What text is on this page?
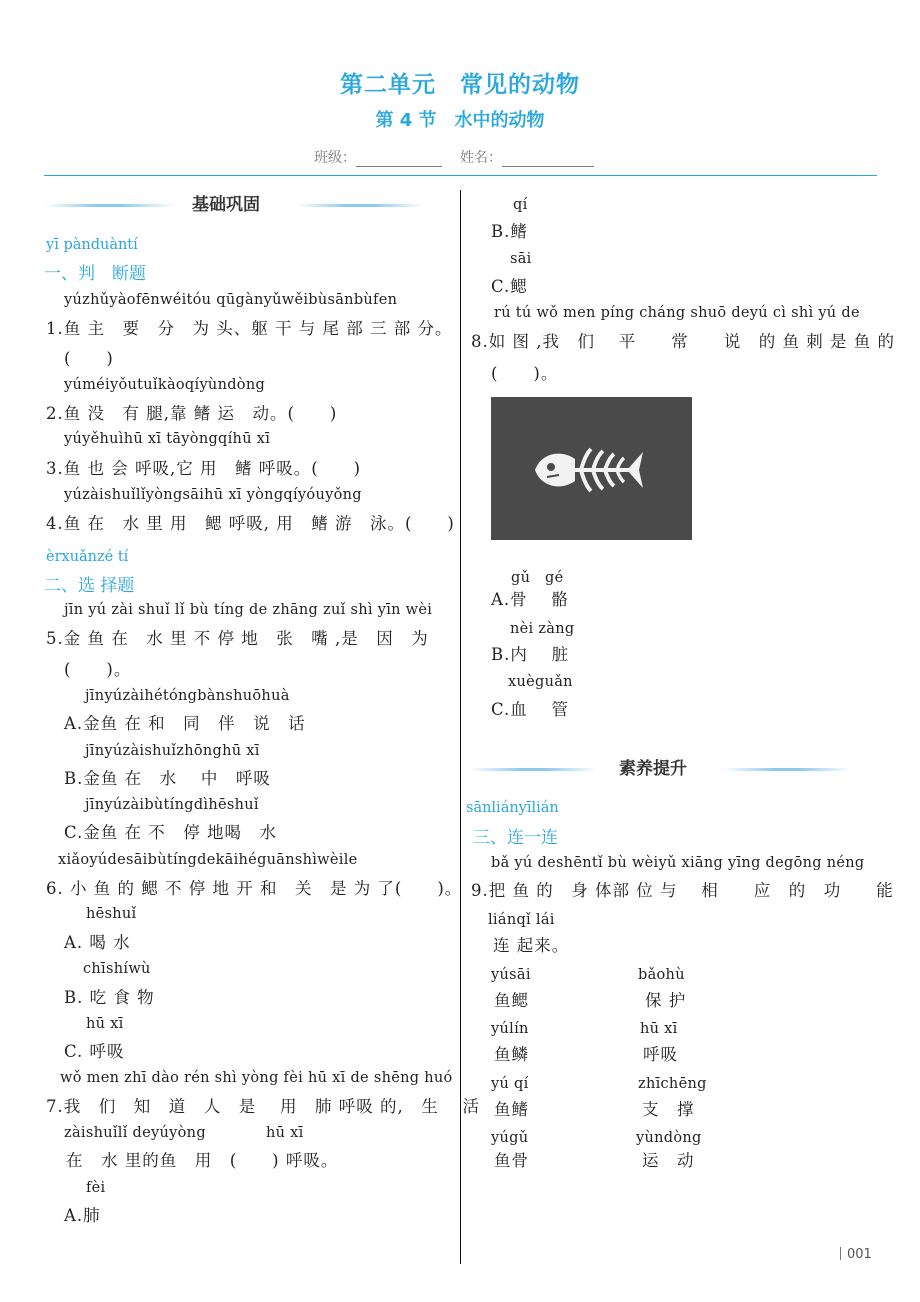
第二单元　常见的动物
第 4 节　水中的动物
班级：	姓名：
基础巩固
yī pànduàntí
一、判　断题
yúzhǔyàofēnwéitóu qūgànyǔwěibùsānbùfen
1.鱼 主　要　分　为 头、躯 干 与 尾 部 三 部 分。
(　　)
yúméiyǒutuǐkàoqíyùndòng
2.鱼 没　有 腿,靠 鳍 运　动。(　　)
yúyěhuìhū xī tāyòngqíhū xī
3.鱼 也 会 呼吸,它 用　鳍 呼吸。(　　)
yúzàishuǐlǐyòngsāihū xī yòngqíyóuyǒng
4.鱼 在　水 里 用　鳃 呼吸, 用　鳍 游　泳。(　　)
èrxuǎnzé tí
二、选 择题
jīn yú zài shuǐ lǐ bù tíng de zhāng zuǐ shì yīn wèi
5.金 鱼 在　水 里 不 停 地　张　嘴 ,是　因　为
(　　)。
jīnyúzàihétóngbànshuōhuà
A.金鱼 在 和　同　伴　说　话
jīnyúzàishuǐzhōnghū xī
B.金鱼 在　水　 中　呼吸
jīnyúzàibùtíngdìhēshuǐ
C.金鱼 在 不　停 地喝　水
xiǎoyúdesāibùtíngdekāihéguānshìwèile
6. 小 鱼 的 鳃 不 停 地 开 和　关　是 为 了(　　)。
hēshuǐ
A. 喝 水
chīshíwù
B. 吃 食 物
hū xī
C. 呼吸
wǒ men zhī dào rén shì yòng fèi hū xī de shēng huó
7.我　们　知　道　人　是　 用　肺 呼吸 的,　生　 活
zàishuǐlǐ deyúyòng	hū xī
在　水 里的鱼　用　(　　) 呼吸。
fèi
A.肺
qí
B.鳍
sāi
C.鳃
rú tú wǒ men píng cháng shuō deyú cì shì yú de
8.如 图 ,我　们　 平　　常　　说　的 鱼 刺 是 鱼 的
(　　)。
gǔ　gé
A.骨　 骼
nèi zàng
B.内　 脏
xuèguǎn
C.血　 管
素养提升
sānliányīlián
三、连一连
bǎ yú deshēntǐ bù wèiyǔ xiāng yīng degōng néng
9.把 鱼 的　身 体部 位 与　 相　　应　的　功　　能
liánqǐ lái
连 起来。
yúsāi
鱼鳃
yúlín
鱼鳞
yú qí
鱼鳍
yúgǔ
鱼骨
bǎohù
保 护
hū xī
呼吸
zhīchēng
支　撑
yùndòng
运　动
001
